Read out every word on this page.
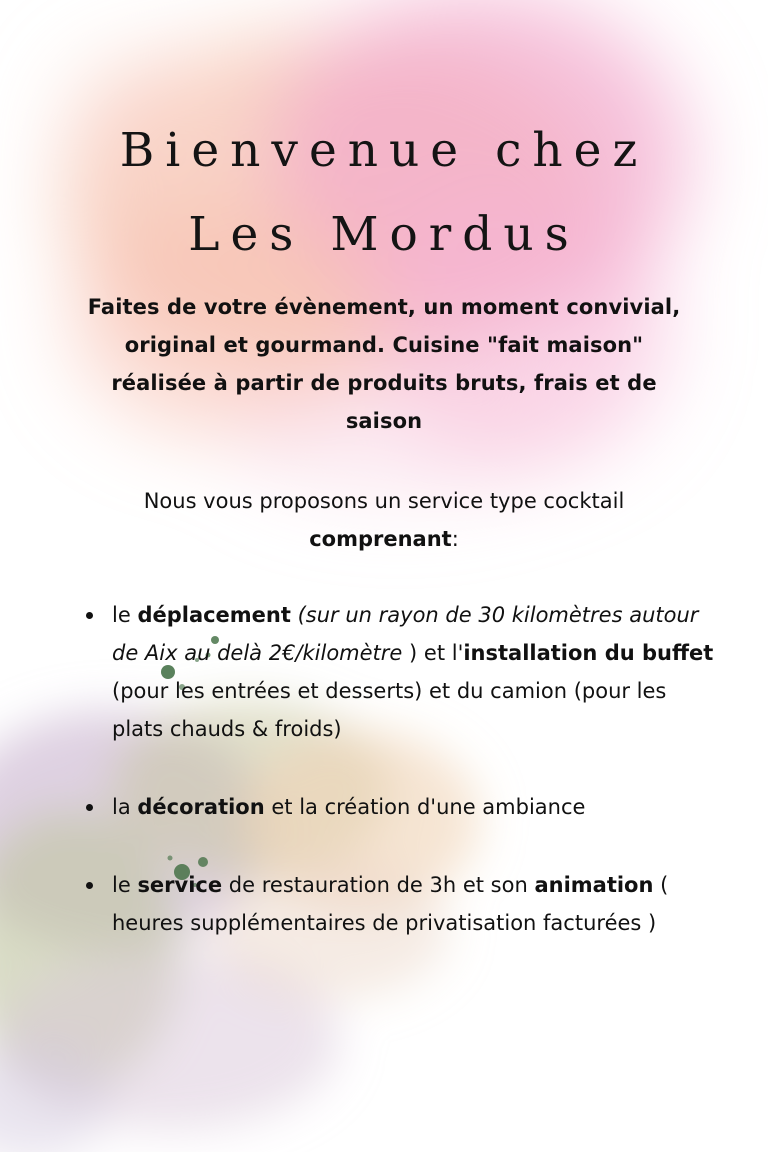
Bienvenue chez
Les Mordus

Faites de votre évènement, un moment convivial, original et gourmand. Cuisine "fait maison" réalisée à partir de produits bruts, frais et de saison

Nous vous proposons un service type cocktail
comprenant:

le déplacement (sur un rayon de 30 kilomètres autour de Aix au delà 2€/kilomètre ) et l'installation du buffet (pour les entrées et desserts) et du camion (pour les plats chauds & froids)
la décoration et la création d'une ambiance
le service de restauration de 3h et son animation ( heures supplémentaires de privatisation facturées )
